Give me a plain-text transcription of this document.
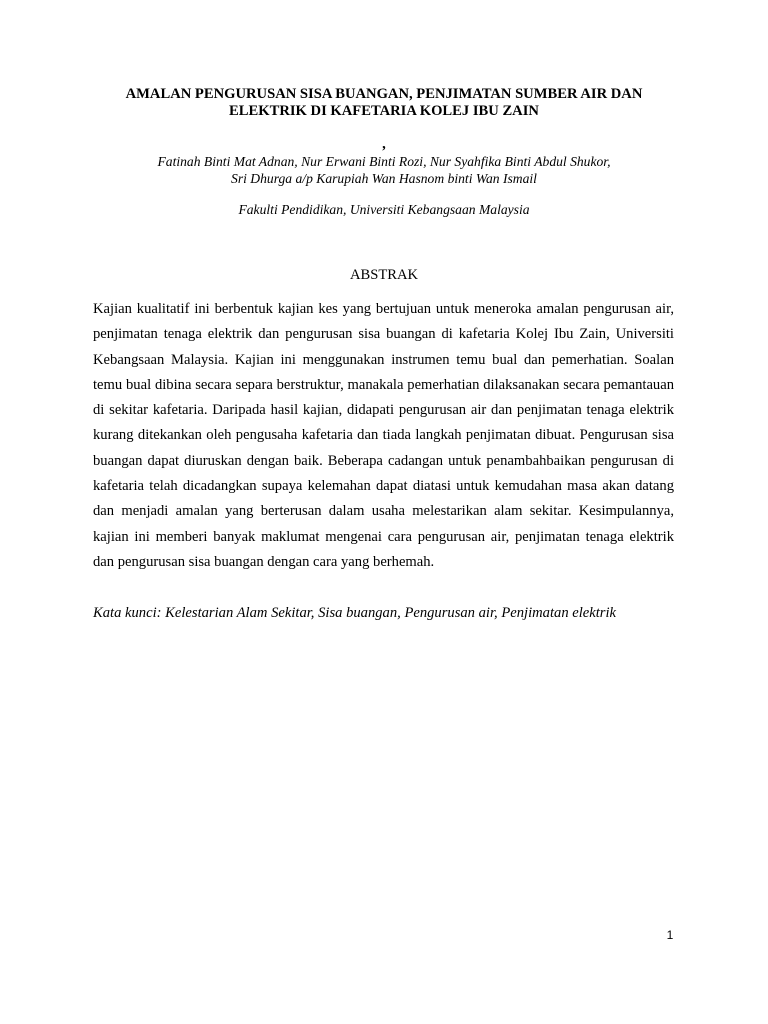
AMALAN PENGURUSAN SISA BUANGAN, PENJIMATAN SUMBER AIR DAN ELEKTRIK DI KAFETARIA KOLEJ IBU ZAIN

,

Fatinah Binti Mat Adnan, Nur Erwani Binti Rozi, Nur Syahfika Binti Abdul Shukor,
Sri Dhurga a/p Karupiah Wan Hasnom binti Wan Ismail

Fakulti Pendidikan, Universiti Kebangsaan Malaysia

ABSTRAK

Kajian kualitatif ini berbentuk kajian kes yang bertujuan untuk meneroka amalan pengurusan air, penjimatan tenaga elektrik dan pengurusan sisa buangan di kafetaria Kolej Ibu Zain, Universiti Kebangsaan Malaysia. Kajian ini menggunakan instrumen temu bual dan pemerhatian. Soalan temu bual dibina secara separa berstruktur, manakala pemerhatian dilaksanakan secara pemantauan di sekitar kafetaria. Daripada hasil kajian, didapati pengurusan air dan penjimatan tenaga elektrik kurang ditekankan oleh pengusaha kafetaria dan tiada langkah penjimatan dibuat. Pengurusan sisa buangan dapat diuruskan dengan baik. Beberapa cadangan untuk penambahbaikan pengurusan di kafetaria telah dicadangkan supaya kelemahan dapat diatasi untuk kemudahan masa akan datang dan menjadi amalan yang berterusan dalam usaha melestarikan alam sekitar. Kesimpulannya, kajian ini memberi banyak maklumat mengenai cara pengurusan air, penjimatan tenaga elektrik dan pengurusan sisa buangan dengan cara yang berhemah.

Kata kunci: Kelestarian Alam Sekitar, Sisa buangan, Pengurusan air, Penjimatan elektrik

1
